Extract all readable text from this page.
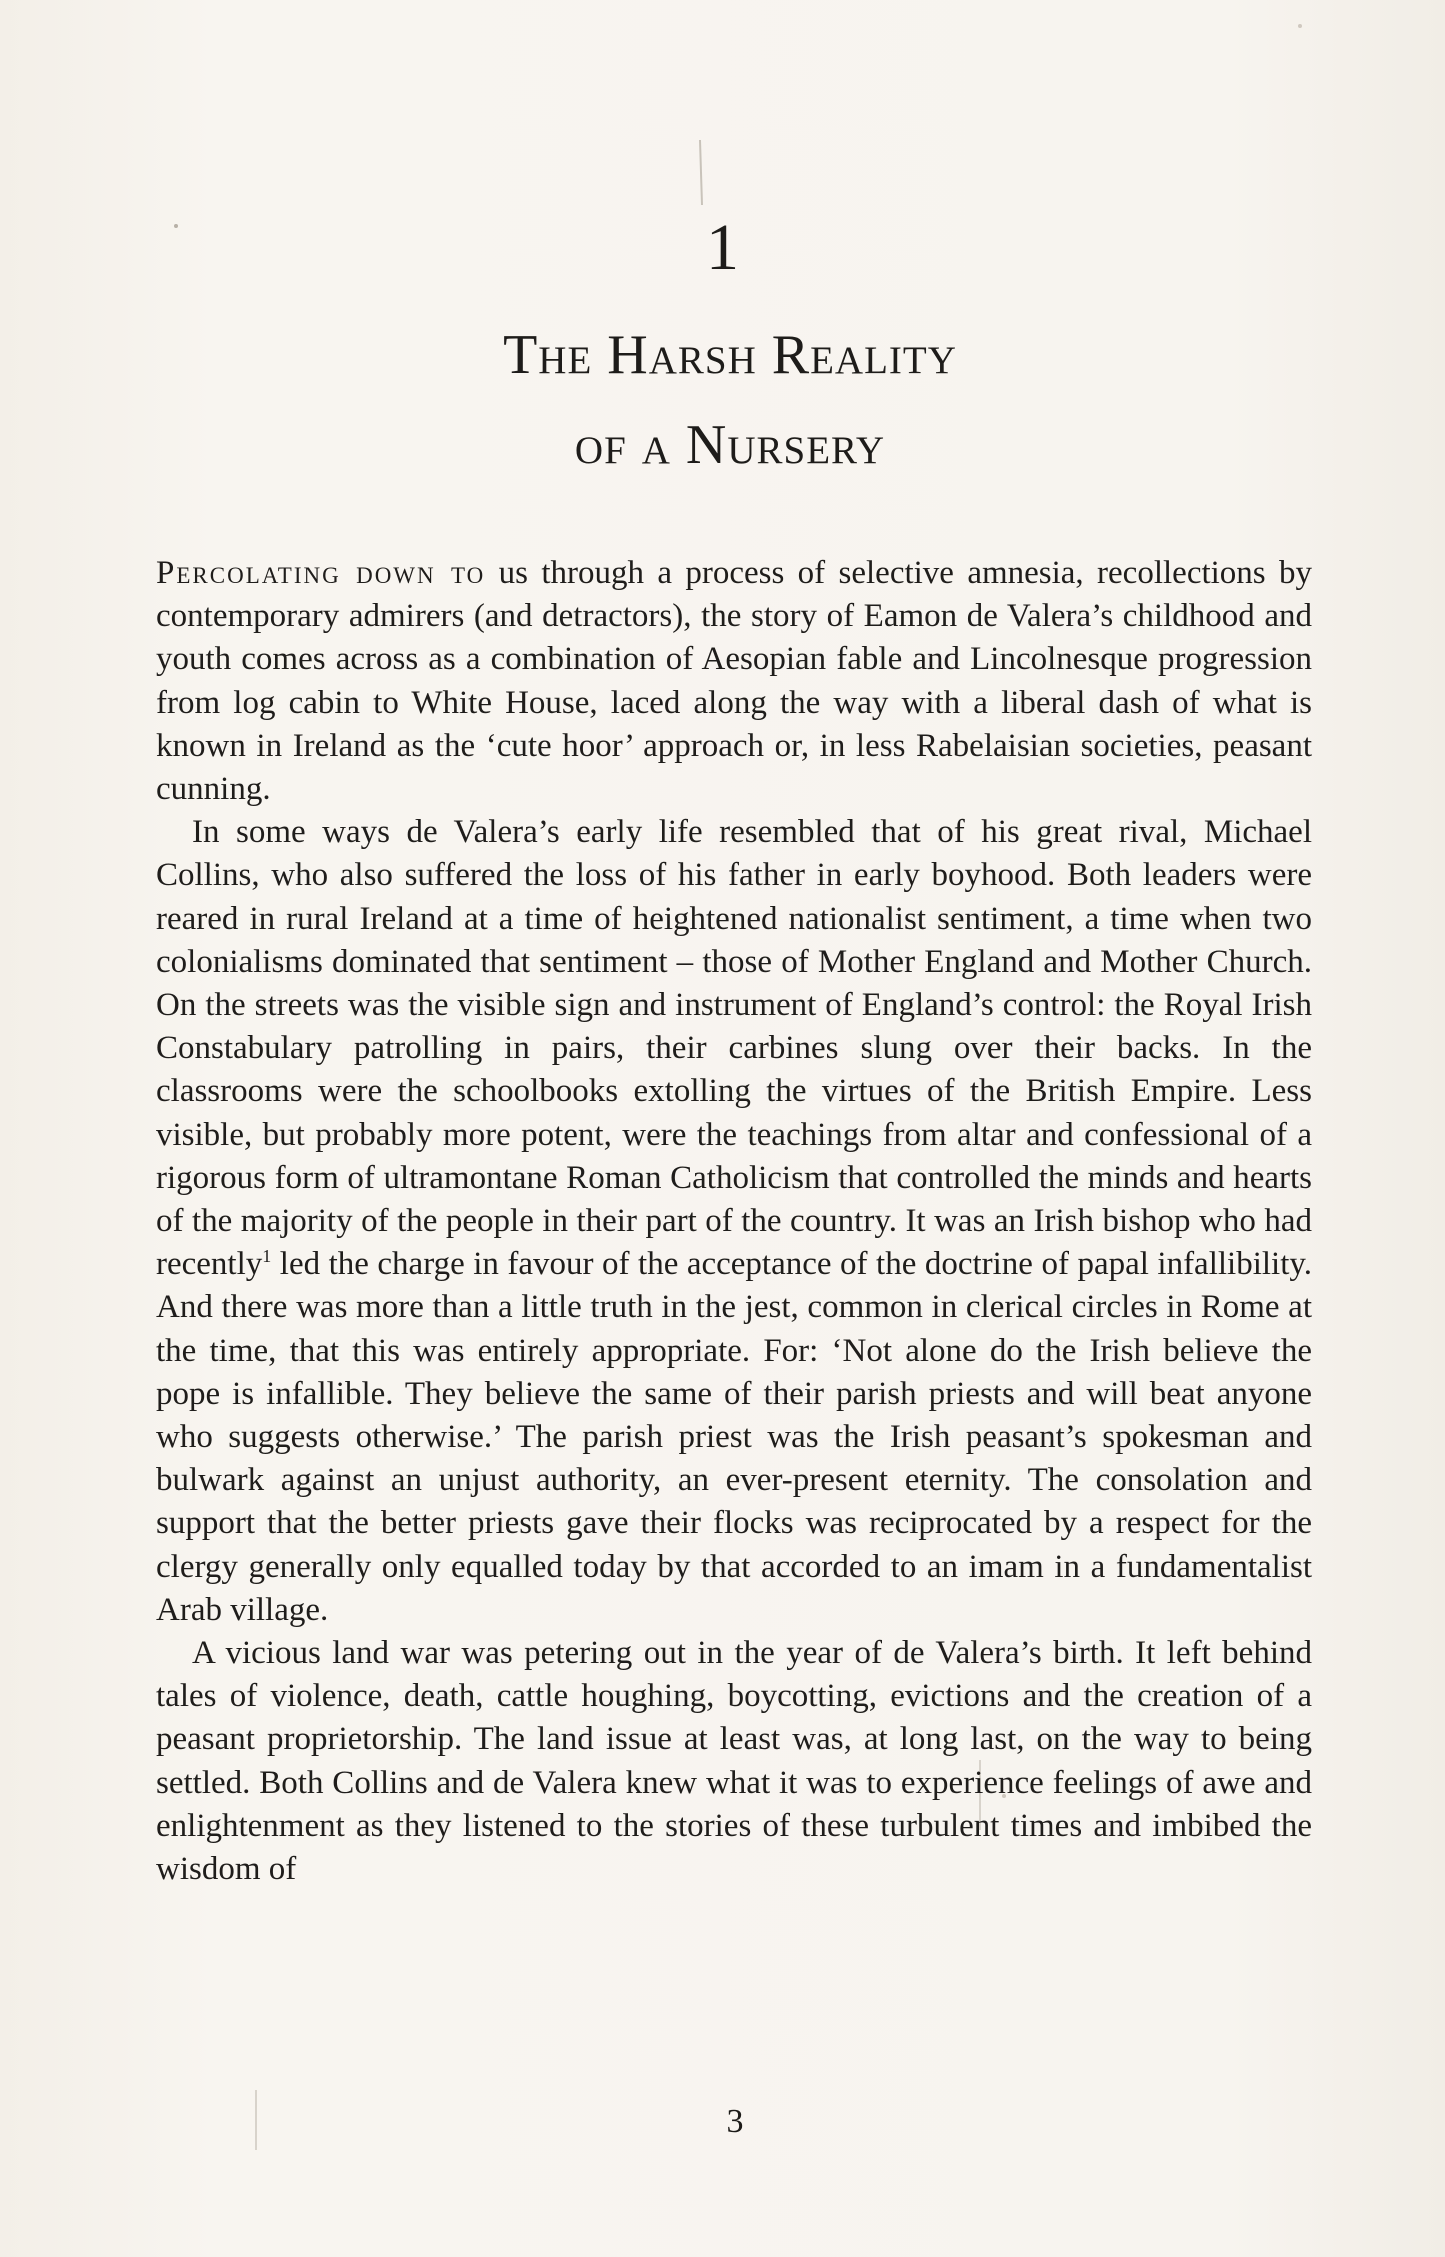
1
The Harsh Reality
of a Nursery

Percolating down to us through a process of selective amnesia, recollections by contemporary admirers (and detractors), the story of Eamon de Valera’s childhood and youth comes across as a combination of Aesopian fable and Lincolnesque progression from log cabin to White House, laced along the way with a liberal dash of what is known in Ireland as the ‘cute hoor’ approach or, in less Rabelaisian societies, peasant cunning.

In some ways de Valera’s early life resembled that of his great rival, Michael Collins, who also suffered the loss of his father in early boyhood. Both leaders were reared in rural Ireland at a time of heightened nationalist sentiment, a time when two colonialisms dominated that sentiment – those of Mother England and Mother Church. On the streets was the visible sign and instrument of England’s control: the Royal Irish Constabulary patrolling in pairs, their carbines slung over their backs. In the classrooms were the schoolbooks extolling the virtues of the British Empire. Less visible, but probably more potent, were the teachings from altar and confessional of a rigorous form of ultramontane Roman Catholicism that controlled the minds and hearts of the majority of the people in their part of the country. It was an Irish bishop who had recently$^1$ led the charge in favour of the acceptance of the doctrine of papal infallibility. And there was more than a little truth in the jest, common in clerical circles in Rome at the time, that this was entirely appropriate. For: ‘Not alone do the Irish believe the pope is infallible. They believe the same of their parish priests and will beat anyone who suggests otherwise.’ The parish priest was the Irish peasant’s spokesman and bulwark against an unjust authority, an ever-present eternity. The consolation and support that the better priests gave their flocks was reciprocated by a respect for the clergy generally only equalled today by that accorded to an imam in a fundamentalist Arab village.

A vicious land war was petering out in the year of de Valera’s birth. It left behind tales of violence, death, cattle houghing, boycotting, evictions and the creation of a peasant proprietorship. The land issue at least was, at long last, on the way to being settled. Both Collins and de Valera knew what it was to experience feelings of awe and enlightenment as they listened to the stories of these turbulent times and imbibed the wisdom of

3
